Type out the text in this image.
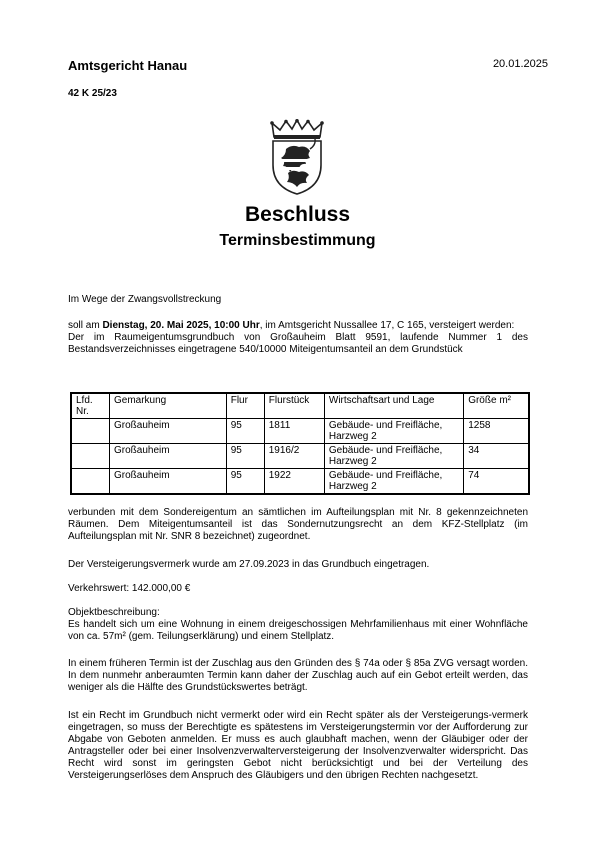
Amtsgericht Hanau	20.01.2025
42 K 25/23
Beschluss
Terminsbestimmung
Im Wege der Zwangsvollstreckung
soll am Dienstag, 20. Mai 2025, 10:00 Uhr, im Amtsgericht Nussallee 17, C 165, versteigert werden:
Der im Raumeigentumsgrundbuch von Großauheim Blatt 9591, laufende Nummer 1 des Bestandsverzeichnisses eingetragene 540/10000 Miteigentumsanteil an dem Grundstück
Lfd. Nr.	Gemarkung	Flur	Flurstück	Wirtschaftsart und Lage	Größe m²
	Großauheim	95	1811	Gebäude- und Freifläche, Harzweg 2	1258
	Großauheim	95	1916/2	Gebäude- und Freifläche, Harzweg 2	34
	Großauheim	95	1922	Gebäude- und Freifläche, Harzweg 2	74
verbunden mit dem Sondereigentum an sämtlichen im Aufteilungsplan mit Nr. 8 gekennzeichneten Räumen. Dem Miteigentumsanteil ist das Sondernutzungsrecht an dem KFZ-Stellplatz (im Aufteilungsplan mit Nr. SNR 8 bezeichnet) zugeordnet.
Der Versteigerungsvermerk wurde am 27.09.2023 in das Grundbuch eingetragen.
Verkehrswert: 142.000,00 €
Objektbeschreibung:
Es handelt sich um eine Wohnung in einem dreigeschossigen Mehrfamilienhaus mit einer Wohnfläche von ca. 57m² (gem. Teilungserklärung) und einem Stellplatz.
In einem früheren Termin ist der Zuschlag aus den Gründen des § 74a oder § 85a ZVG versagt worden. In dem nunmehr anberaumten Termin kann daher der Zuschlag auch auf ein Gebot erteilt werden, das weniger als die Hälfte des Grundstückswertes beträgt.
Ist ein Recht im Grundbuch nicht vermerkt oder wird ein Recht später als der Versteigerungs-vermerk eingetragen, so muss der Berechtigte es spätestens im Versteigerungstermin vor der Aufforderung zur Abgabe von Geboten anmelden. Er muss es auch glaubhaft machen, wenn der Gläubiger oder der Antragsteller oder bei einer Insolvenzverwalterversteigerung der Insolvenzverwalter widerspricht. Das Recht wird sonst im geringsten Gebot nicht berücksichtigt und bei der Verteilung des Versteigerungserlöses dem Anspruch des Gläubigers und den übrigen Rechten nachgesetzt.
